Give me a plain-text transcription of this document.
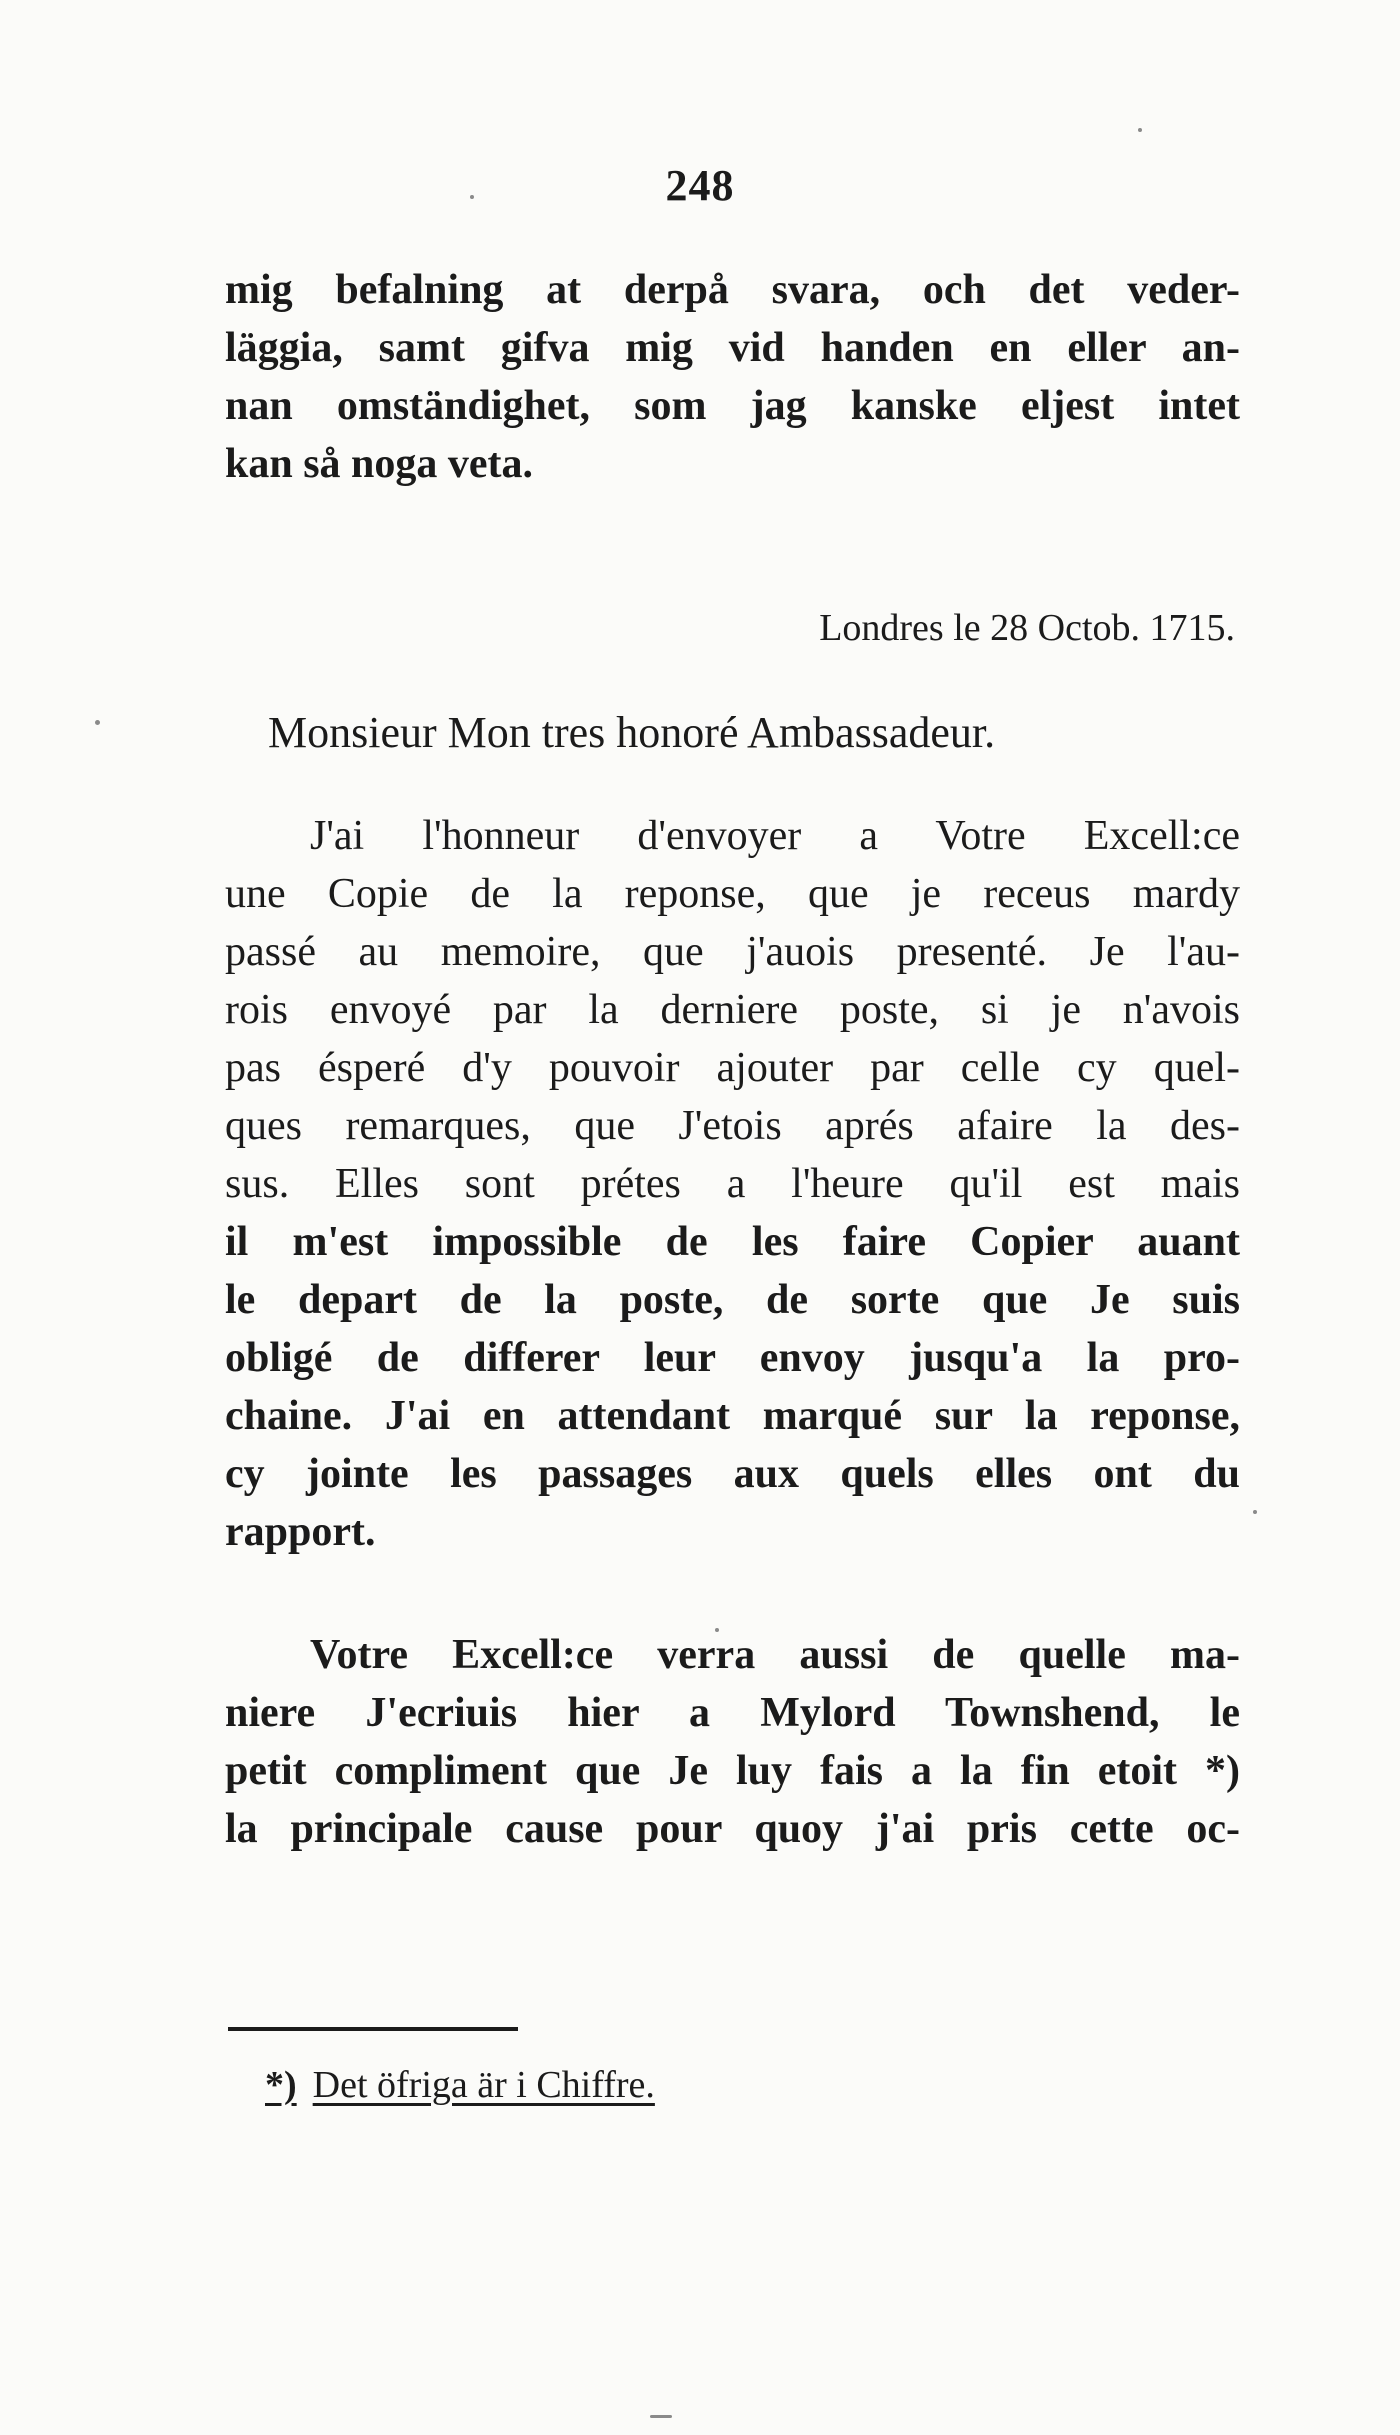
248
mig befalning at derpå svara, och det veder-
läggia, samt gifva mig vid handen en eller an-
nan omständighet, som jag kanske eljest intet
kan så noga veta.
Londres le 28 Octob. 1715.
Monsieur Mon tres honoré Ambassadeur.
J'ai l'honneur d'envoyer a Votre Excell:ce
une Copie de la reponse, que je receus mardy
passé au memoire, que j'auois presenté. Je l'au-
rois envoyé par la derniere poste, si je n'avois
pas ésperé d'y pouvoir ajouter par celle cy quel-
ques remarques, que J'etois aprés afaire la des-
sus. Elles sont prétes a l'heure qu'il est mais
il m'est impossible de les faire Copier auant
le depart de la poste, de sorte que Je suis
obligé de differer leur envoy jusqu'a la pro-
chaine. J'ai en attendant marqué sur la reponse,
cy jointe les passages aux quels elles ont du
rapport.
Votre Excell:ce verra aussi de quelle ma-
niere J'ecriuis hier a Mylord Townshend, le
petit compliment que Je luy fais a la fin etoit *)
la principale cause pour quoy j'ai pris cette oc-
*) Det öfriga är i Chiffre.
